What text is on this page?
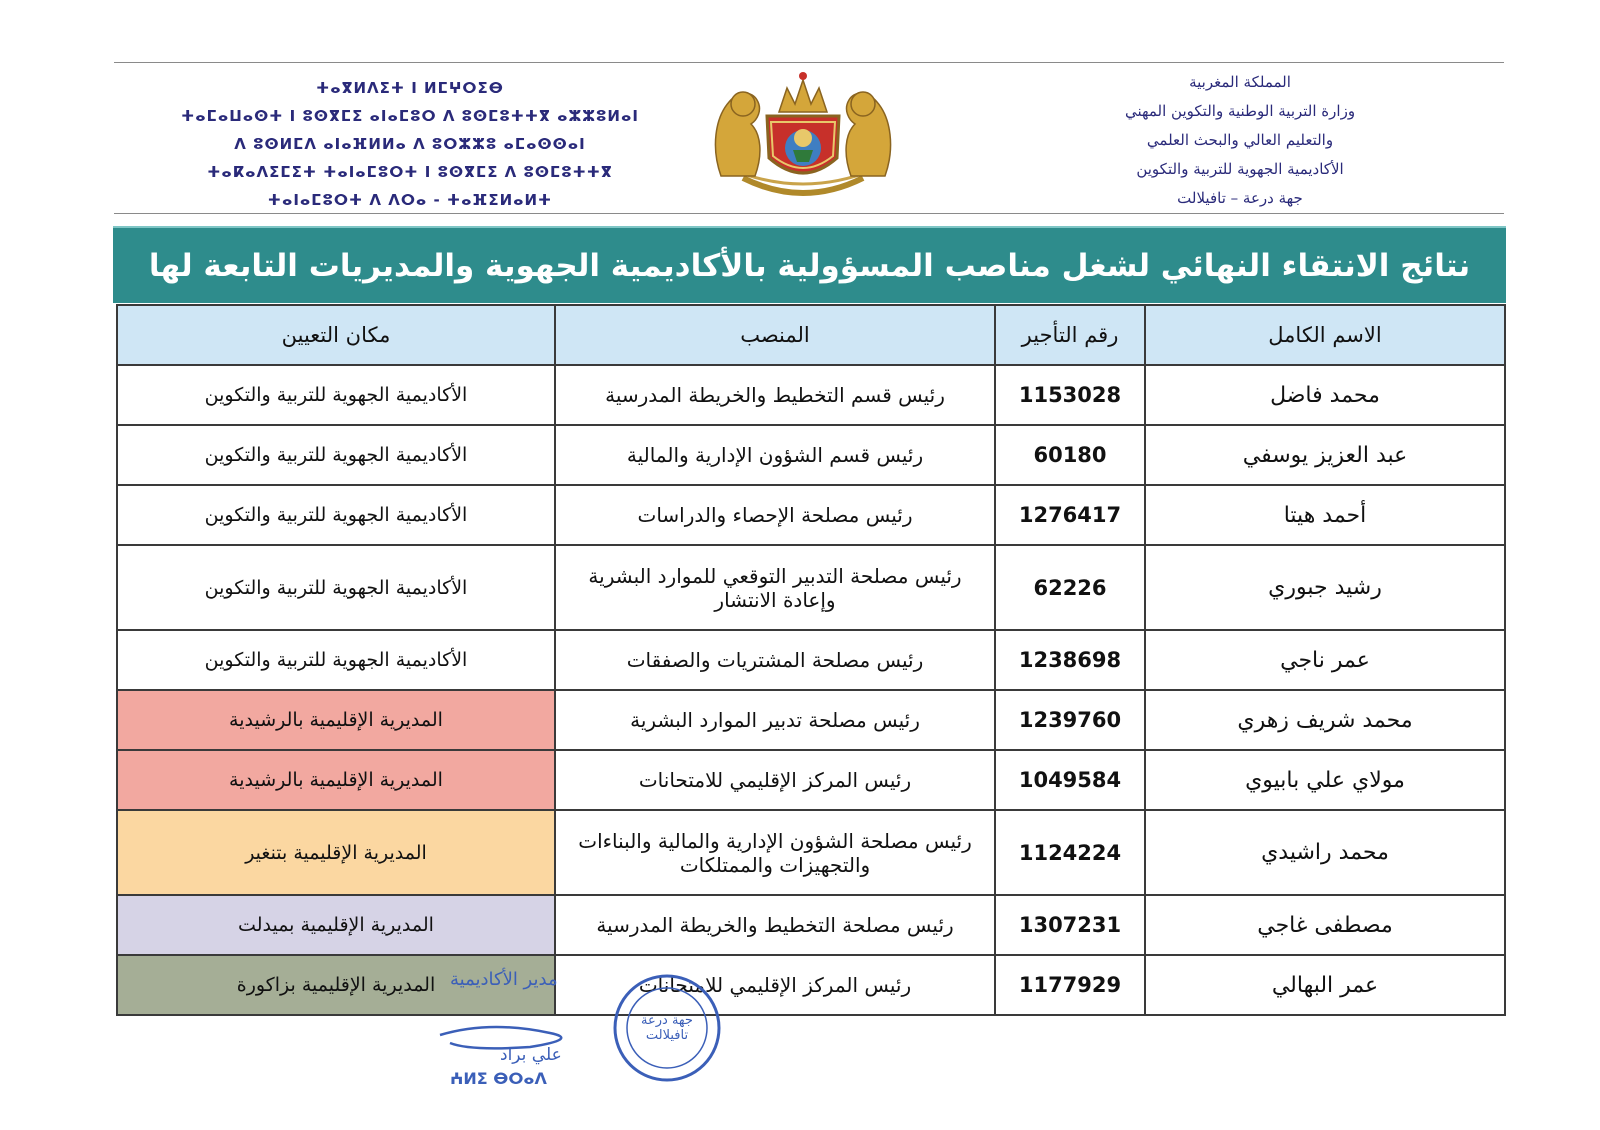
ⵜⴰⴳⵍⴷⵉⵜ ⵏ ⵍⵎⵖⵔⵉⴱ
ⵜⴰⵎⴰⵡⴰⵙⵜ ⵏ ⵓⵙⴳⵎⵉ ⴰⵏⴰⵎⵓⵔ ⴷ ⵓⵙⵎⵓⵜⵜⴳ ⴰⵣⵣⵓⵍⴰⵏ
ⴷ ⵓⵙⵍⵎⴷ ⴰⵏⴰⴼⵍⵍⴰ ⴷ ⵓⵔⵣⵣⵓ ⴰⵎⴰⵙⵙⴰⵏ
ⵜⴰⴽⴰⴷⵉⵎⵉⵜ ⵜⴰⵏⴰⵎⵓⵔⵜ ⵏ ⵓⵙⴳⵎⵉ ⴷ ⵓⵙⵎⵓⵜⵜⴳ
ⵜⴰⵏⴰⵎⵓⵔⵜ ⴷ ⴷⵔⴰ - ⵜⴰⴼⵉⵍⴰⵍⵜ
المملكة المغربية
وزارة التربية الوطنية والتكوين المهني
والتعليم العالي والبحث العلمي
الأكاديمية الجهوية للتربية والتكوين
جهة درعة – تافيلالت
نتائج الانتقاء النهائي لشغل مناصب المسؤولية بالأكاديمية الجهوية والمديريات التابعة لها
الاسم الكامل	رقم التأجير	المنصب	مكان التعيين
محمد فاضل	1153028	رئيس قسم التخطيط والخريطة المدرسية	الأكاديمية الجهوية للتربية والتكوين
عبد العزيز يوسفي	60180	رئيس قسم الشؤون الإدارية والمالية	الأكاديمية الجهوية للتربية والتكوين
أحمد هيتا	1276417	رئيس مصلحة الإحصاء والدراسات	الأكاديمية الجهوية للتربية والتكوين
رشيد جبوري	62226	رئيس مصلحة التدبير التوقعي للموارد البشرية وإعادة الانتشار	الأكاديمية الجهوية للتربية والتكوين
عمر ناجي	1238698	رئيس مصلحة المشتريات والصفقات	الأكاديمية الجهوية للتربية والتكوين
محمد شريف زهري	1239760	رئيس مصلحة تدبير الموارد البشرية	المديرية الإقليمية بالرشيدية
مولاي علي بابيوي	1049584	رئيس المركز الإقليمي للامتحانات	المديرية الإقليمية بالرشيدية
محمد راشيدي	1124224	رئيس مصلحة الشؤون الإدارية والمالية والبناءات والتجهيزات والممتلكات	المديرية الإقليمية بتنغير
مصطفى غاجي	1307231	رئيس مصلحة التخطيط والخريطة المدرسية	المديرية الإقليمية بميدلت
عمر البهالي	1177929	رئيس المركز الإقليمي للامتحانات	المديرية الإقليمية بزاكورة مدير الأكاديمية
علي براد
ⵄⵍⵉ ⴱⵔⴰⴷ
جهة درعة تافيلالت
